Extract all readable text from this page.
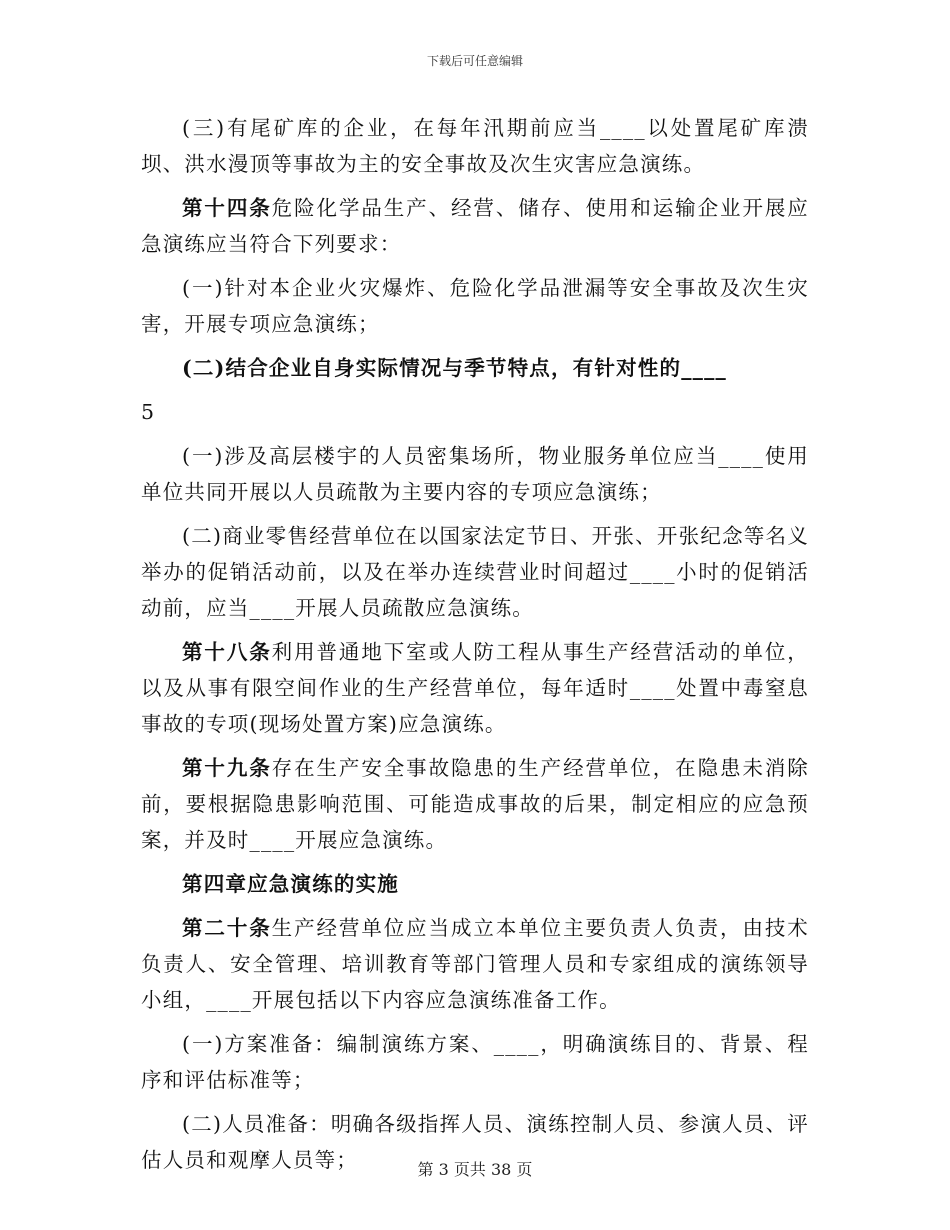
下载后可任意编辑

(三)有尾矿库的企业，在每年汛期前应当____以处置尾矿库溃坝、洪水漫顶等事故为主的安全事故及次生灾害应急演练。

第十四条危险化学品生产、经营、储存、使用和运输企业开展应急演练应当符合下列要求：

(一)针对本企业火灾爆炸、危险化学品泄漏等安全事故及次生灾害，开展专项应急演练；

(二)结合企业自身实际情况与季节特点，有针对性的____

5

(一)涉及高层楼宇的人员密集场所，物业服务单位应当____使用单位共同开展以人员疏散为主要内容的专项应急演练；

(二)商业零售经营单位在以国家法定节日、开张、开张纪念等名义举办的促销活动前，以及在举办连续营业时间超过____小时的促销活动前，应当____开展人员疏散应急演练。

第十八条利用普通地下室或人防工程从事生产经营活动的单位，以及从事有限空间作业的生产经营单位，每年适时____处置中毒窒息事故的专项(现场处置方案)应急演练。

第十九条存在生产安全事故隐患的生产经营单位，在隐患未消除前，要根据隐患影响范围、可能造成事故的后果，制定相应的应急预案，并及时____开展应急演练。

第四章应急演练的实施

第二十条生产经营单位应当成立本单位主要负责人负责，由技术负责人、安全管理、培训教育等部门管理人员和专家组成的演练领导小组，____开展包括以下内容应急演练准备工作。

(一)方案准备：编制演练方案、____，明确演练目的、背景、程序和评估标准等；

(二)人员准备：明确各级指挥人员、演练控制人员、参演人员、评估人员和观摩人员等；	第 3 页共 38 页
